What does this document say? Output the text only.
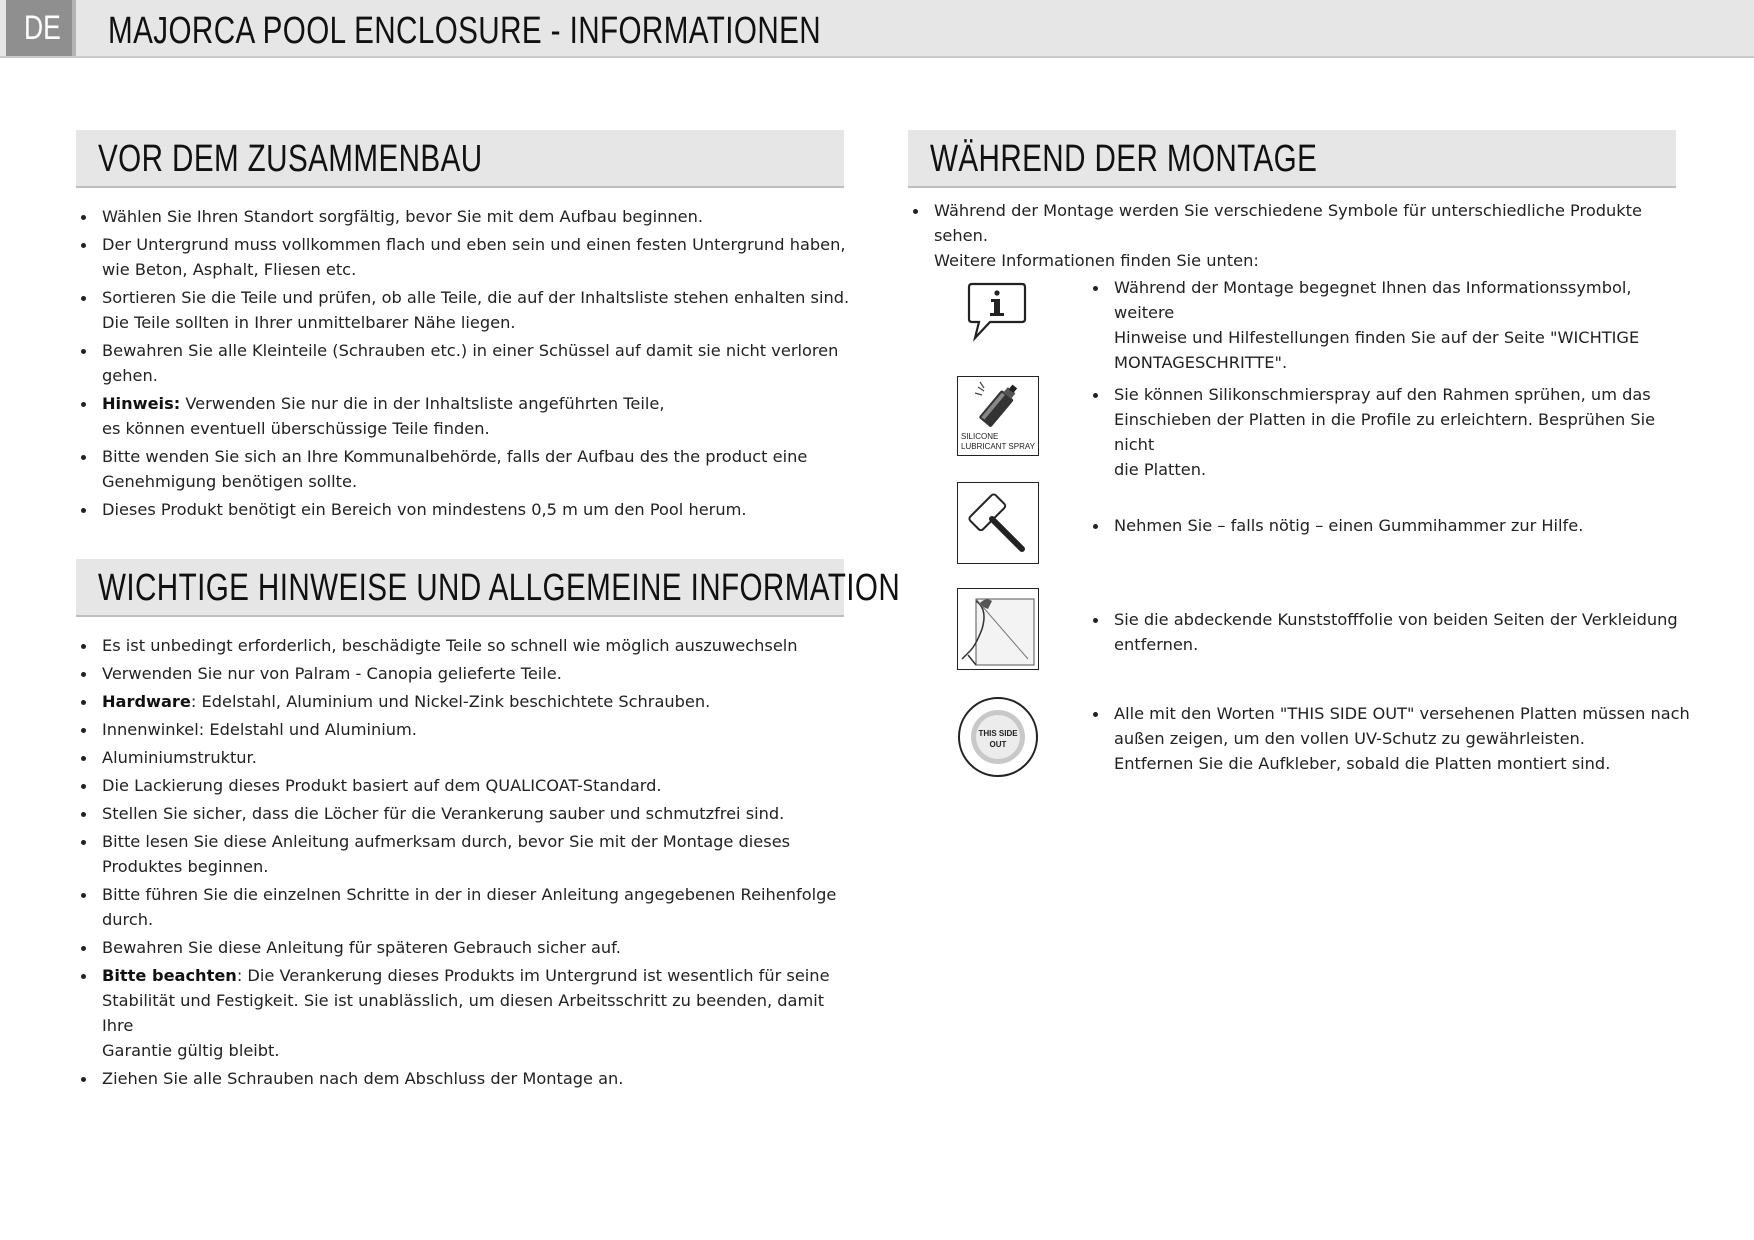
DE MAJORCA POOL ENCLOSURE - INFORMATIONEN
VOR DEM ZUSAMMENBAU
Wählen Sie Ihren Standort sorgfältig, bevor Sie mit dem Aufbau beginnen.
Der Untergrund muss vollkommen flach und eben sein und einen festen Untergrund haben,
wie Beton, Asphalt, Fliesen etc.
Sortieren Sie die Teile und prüfen, ob alle Teile, die auf der Inhaltsliste stehen enhalten sind.
Die Teile sollten in Ihrer unmittelbarer Nähe liegen.
Bewahren Sie alle Kleinteile (Schrauben etc.) in einer Schüssel auf damit sie nicht verloren gehen.
Hinweis: Verwenden Sie nur die in der Inhaltsliste angeführten Teile,
es können eventuell überschüssige Teile finden.
Bitte wenden Sie sich an Ihre Kommunalbehörde, falls der Aufbau des the product eine
Genehmigung benötigen sollte.
Dieses Produkt benötigt ein Bereich von mindestens 0,5 m um den Pool herum.
WICHTIGE HINWEISE UND ALLGEMEINE INFORMATION
Es ist unbedingt erforderlich, beschädigte Teile so schnell wie möglich auszuwechseln
Verwenden Sie nur von Palram - Canopia gelieferte Teile.
Hardware: Edelstahl, Aluminium und Nickel-Zink beschichtete Schrauben.
Innenwinkel: Edelstahl und Aluminium.
Aluminiumstruktur.
Die Lackierung dieses Produkt basiert auf dem QUALICOAT-Standard.
Stellen Sie sicher, dass die Löcher für die Verankerung sauber und schmutzfrei sind.
Bitte lesen Sie diese Anleitung aufmerksam durch, bevor Sie mit der Montage dieses
Produktes beginnen.
Bitte führen Sie die einzelnen Schritte in der in dieser Anleitung angegebenen Reihenfolge durch.
Bewahren Sie diese Anleitung für späteren Gebrauch sicher auf.
Bitte beachten: Die Verankerung dieses Produkts im Untergrund ist wesentlich für seine
Stabilität und Festigkeit. Sie ist unablässlich, um diesen Arbeitsschritt zu beenden, damit Ihre
Garantie gültig bleibt.
Ziehen Sie alle Schrauben nach dem Abschluss der Montage an.
WÄHREND DER MONTAGE
Während der Montage werden Sie verschiedene Symbole für unterschiedliche Produkte sehen.
Weitere Informationen finden Sie unten:
Während der Montage begegnet Ihnen das Informationssymbol, weitere
Hinweise und Hilfestellungen finden Sie auf der Seite "WICHTIGE
MONTAGESCHRITTE".
SILICONE
LUBRICANT SPRAY
Sie können Silikonschmierspray auf den Rahmen sprühen, um das
Einschieben der Platten in die Profile zu erleichtern. Besprühen Sie nicht
die Platten.
Nehmen Sie – falls nötig – einen Gummihammer zur Hilfe.
Sie die abdeckende Kunststofffolie von beiden Seiten der Verkleidung
entfernen.
THIS SIDE
OUT
Alle mit den Worten "THIS SIDE OUT" versehenen Platten müssen nach
außen zeigen, um den vollen UV-Schutz zu gewährleisten.
Entfernen Sie die Aufkleber, sobald die Platten montiert sind.
